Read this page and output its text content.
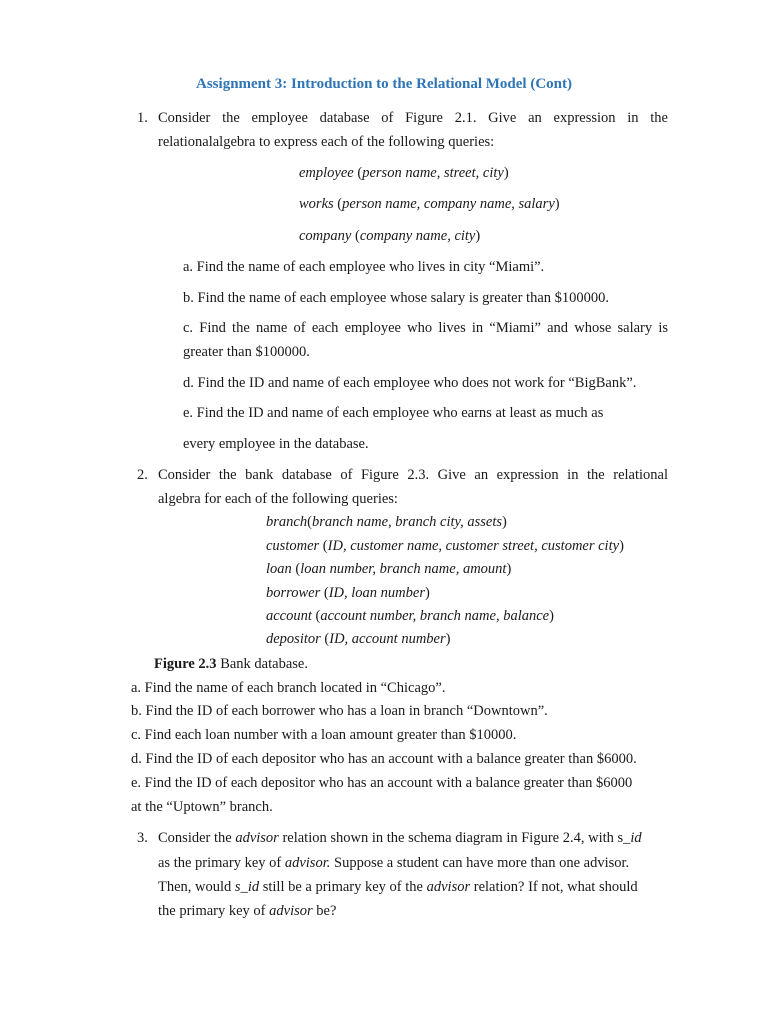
Assignment 3: Introduction to the Relational Model (Cont)
1. Consider the employee database of Figure 2.1. Give an expression in the
relationalalgebra to express each of the following queries:
employee (person name, street, city)
works (person name, company name, salary)
company (company name, city)
a. Find the name of each employee who lives in city “Miami”.
b. Find the name of each employee whose salary is greater than $100000.
c. Find the name of each employee who lives in “Miami” and whose salary is
greater than $100000.
d. Find the ID and name of each employee who does not work for “BigBank”.
e. Find the ID and name of each employee who earns at least as much as
every employee in the database.
2. Consider the bank database of Figure 2.3. Give an expression in the relational
algebra for each of the following queries:
branch(branch name, branch city, assets)
customer (ID, customer name, customer street, customer city)
loan (loan number, branch name, amount)
borrower (ID, loan number)
account (account number, branch name, balance)
depositor (ID, account number)
Figure 2.3 Bank database.
a. Find the name of each branch located in “Chicago”.
b. Find the ID of each borrower who has a loan in branch “Downtown”.
c. Find each loan number with a loan amount greater than $10000.
d. Find the ID of each depositor who has an account with a balance greater than $6000.
e. Find the ID of each depositor who has an account with a balance greater than $6000
at the “Uptown” branch.
3. Consider the advisor relation shown in the schema diagram in Figure 2.4, with s_id
as the primary key of advisor. Suppose a student can have more than one advisor.
Then, would s_id still be a primary key of the advisor relation? If not, what should
the primary key of advisor be?
